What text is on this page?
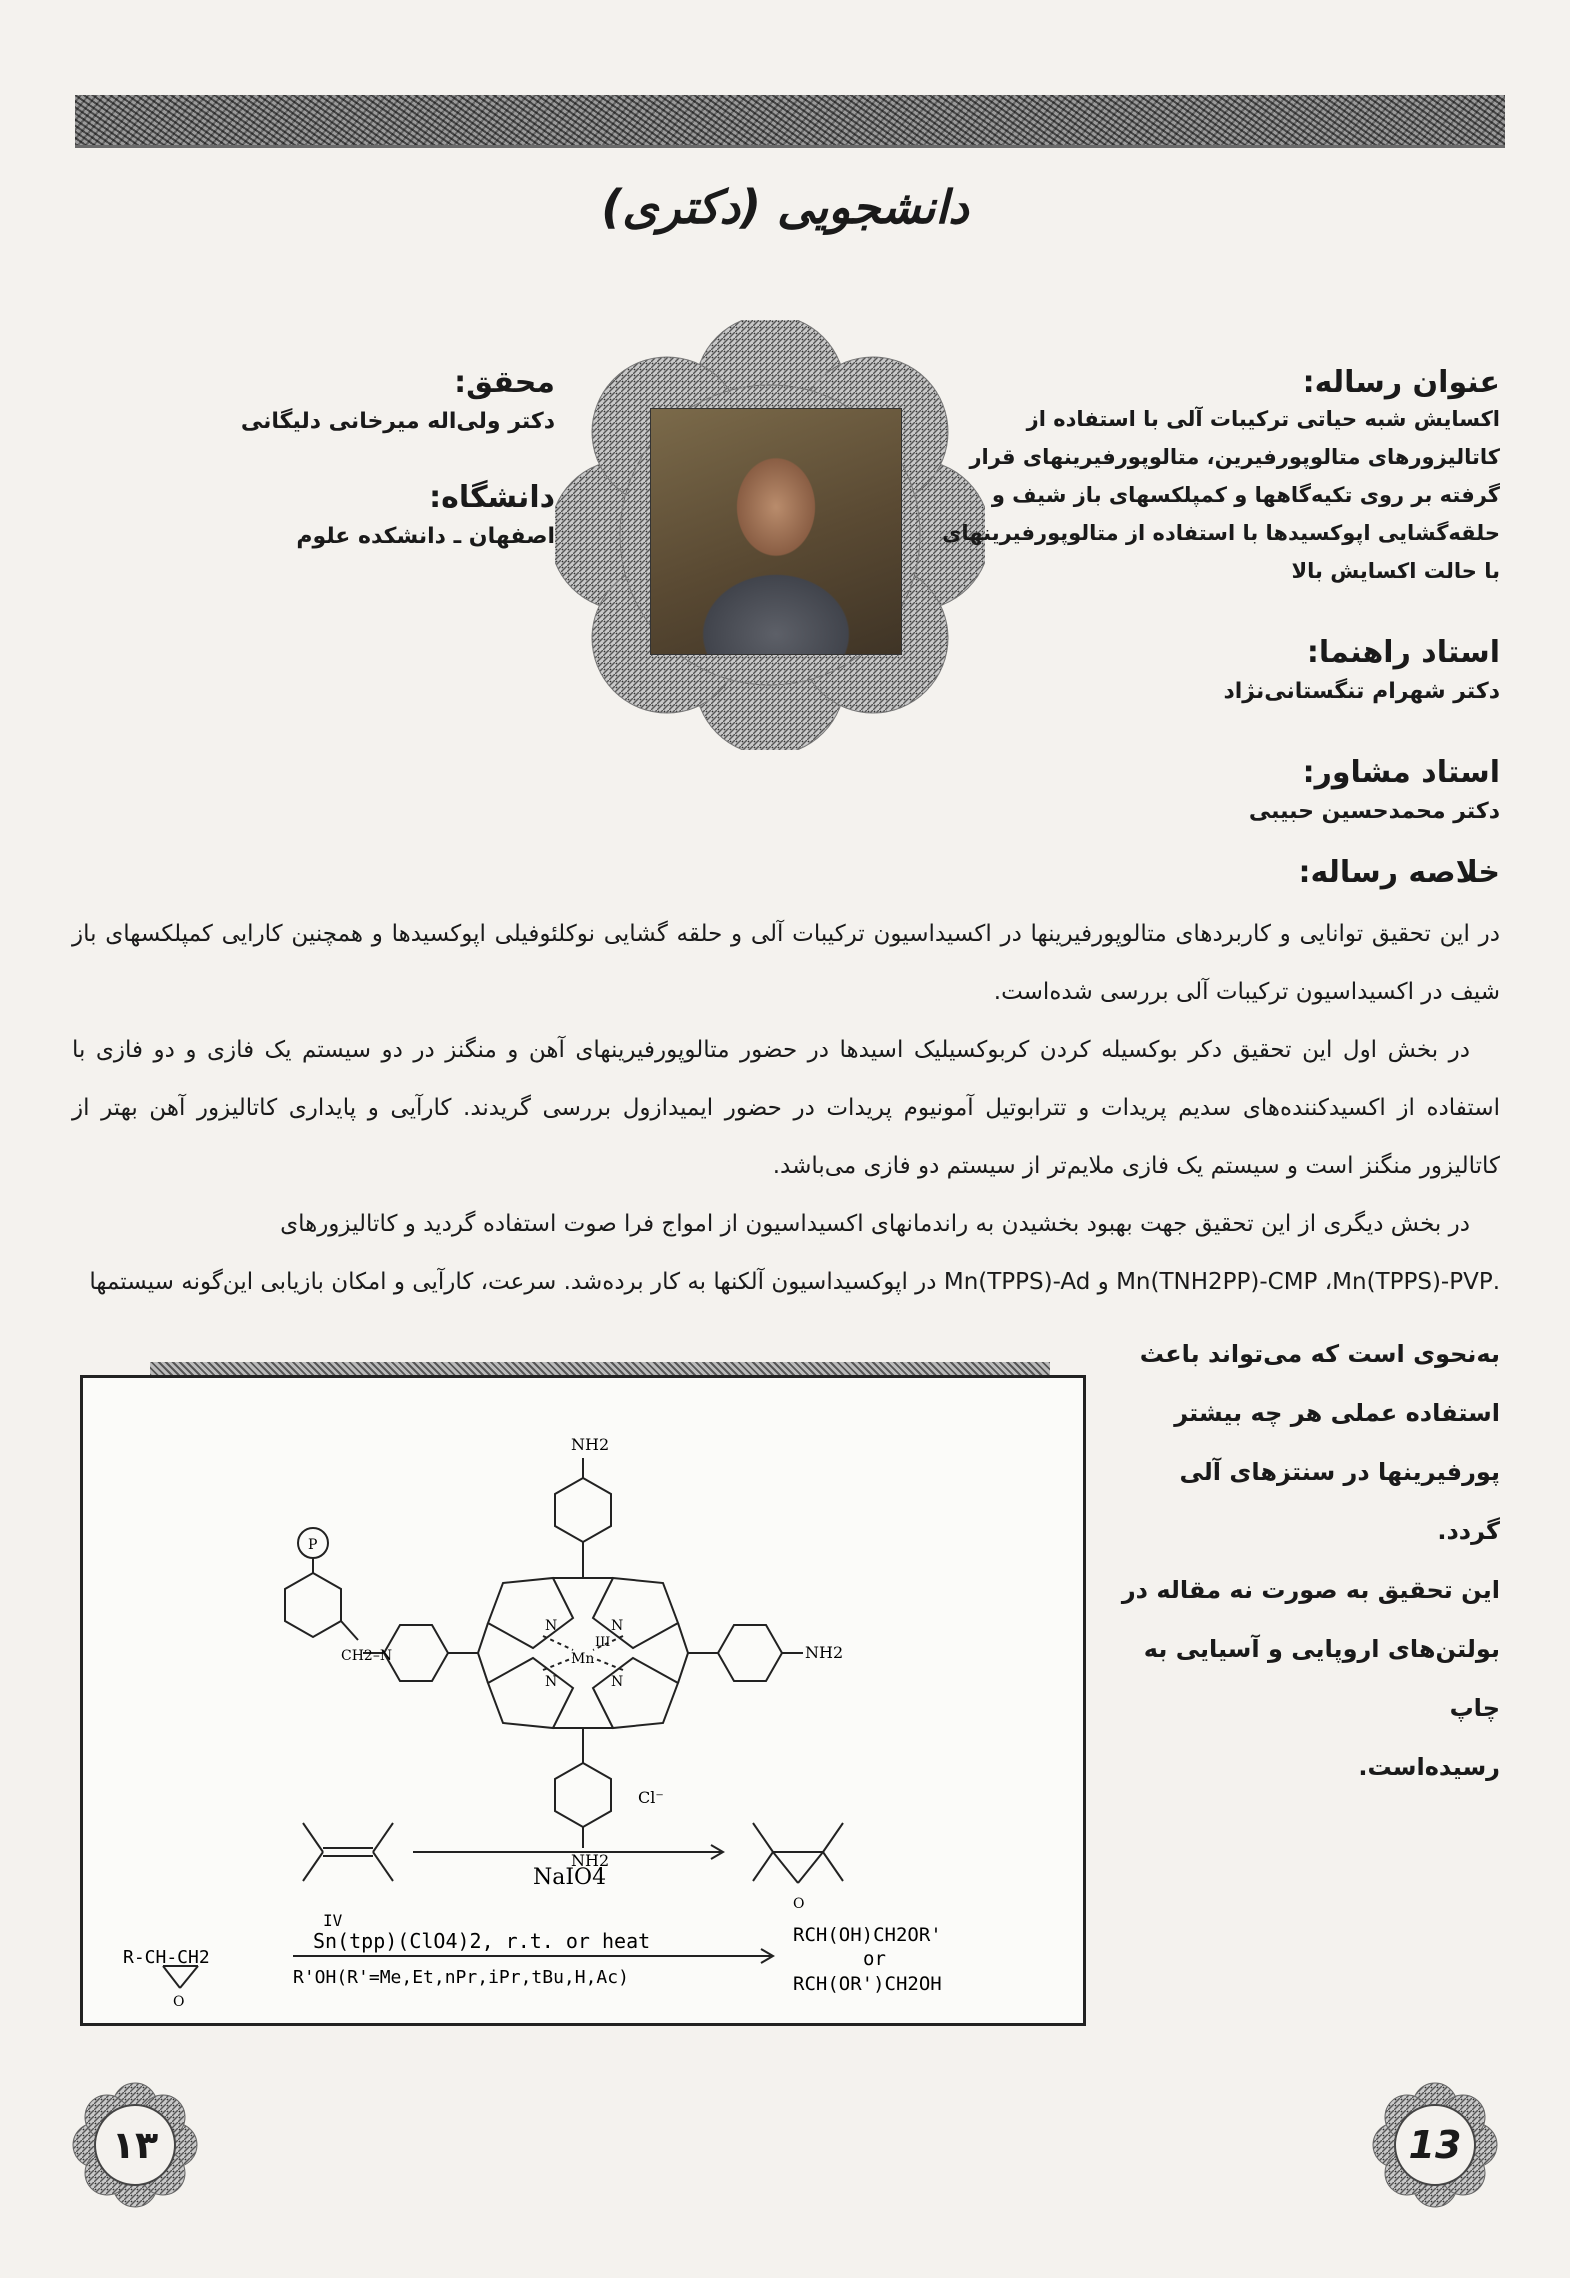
دانشجویی (دکتری)
عنوان رساله:
اکسایش شبه حیاتی ترکیبات آلی با استفاده از
کاتالیزورهای متالوپورفیرین، متالوپورفیرینهای قرار
گرفته بر روی تکیه‌گاهها و کمپلکسهای باز شیف و
حلقه‌گشایی اپوکسیدها با استفاده از متالوپورفیرینهای
با حالت اکسایش بالا
استاد راهنما:
دکتر شهرام تنگستانی‌نژاد
استاد مشاور:
دکتر محمدحسین حبیبی
محقق:
دکتر ولی‌اله میرخانی دلیگانی
دانشگاه:
اصفهان ـ دانشکده علوم
خلاصه رساله:

در این تحقیق توانایی و کاربردهای متالوپورفیرینها در اکسیداسیون ترکیبات آلی و حلقه گشایی نوکلئوفیلی اپوکسیدها و همچنین کارایی کمپلکسهای باز شیف در اکسیداسیون ترکیبات آلی بررسی شده‌است.

در بخش اول این تحقیق دکر بوکسیله کردن کربوکسیلیک اسیدها در حضور متالوپورفیرینهای آهن و منگنز در دو سیستم یک فازی و دو فازی با استفاده از اکسیدکننده‌های سدیم پریدات و تترابوتیل آمونیوم پریدات در حضور ایمیدازول بررسی گریدند. کارآیی و پایداری کاتالیزور آهن بهتر از کاتالیزور منگنز است و سیستم یک فازی ملایم‌تر از سیستم دو فازی می‌باشد.

در بخش دیگری از این تحقیق جهت بهبود بخشیدن به راندمانهای اکسیداسیون از امواج فرا صوت استفاده گردید و کاتالیزورهای

.Mn(TNH2PP)-CMP ،Mn(TPPS)-PVP و Mn(TPPS)-Ad در اپوکسیداسیون آلکنها به کار برده‌شد. سرعت، کارآیی و امکان بازیابی این‌گونه سیستمها

به‌نحوی است که می‌تواند باعث
استفاده عملی هر چه بیشتر
پورفیرینها در سنتزهای آلی گردد.
این تحقیق به صورت نه مقاله در
بولتن‌های اروپایی و آسیایی به چاپ
رسیده‌است.
NH2
P
CH2–N
N	N
N	N
Mn
III
NH2
NH2
Cl⁻
NaIO4
O
IV
Sn(tpp)(ClO4)2, r.t. or heat
R'OH(R'=Me,Et,nPr,iPr,tBu,H,Ac)
R-CH-CH2
O
RCH(OH)CH2OR'
or
RCH(OR')CH2OH
۱۳	13
